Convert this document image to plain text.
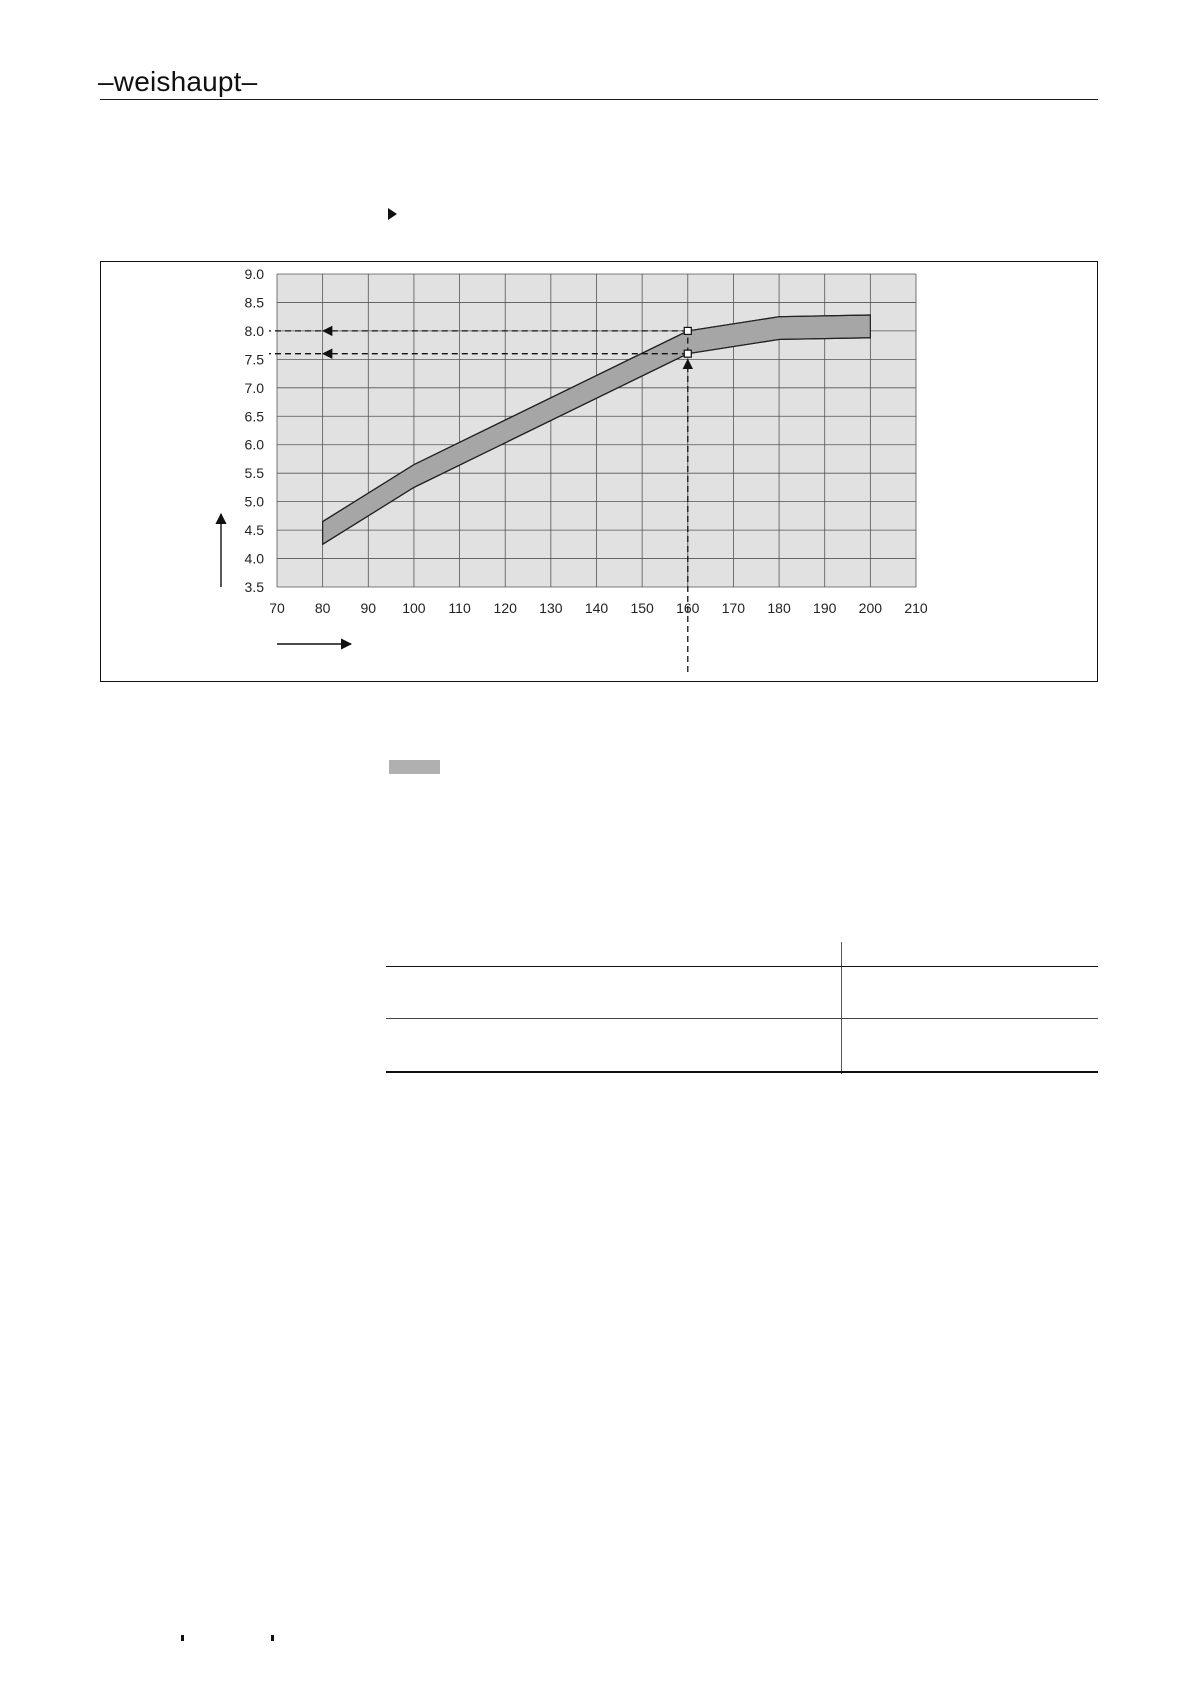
–weishaupt–
70 80 90 100 110 120 130 140 150 160 170 180 190 200 210
3.5
4.0
4.5
5.0
5.5
6.0
6.5
7.0
7.5
8.0
8.5
9.0
